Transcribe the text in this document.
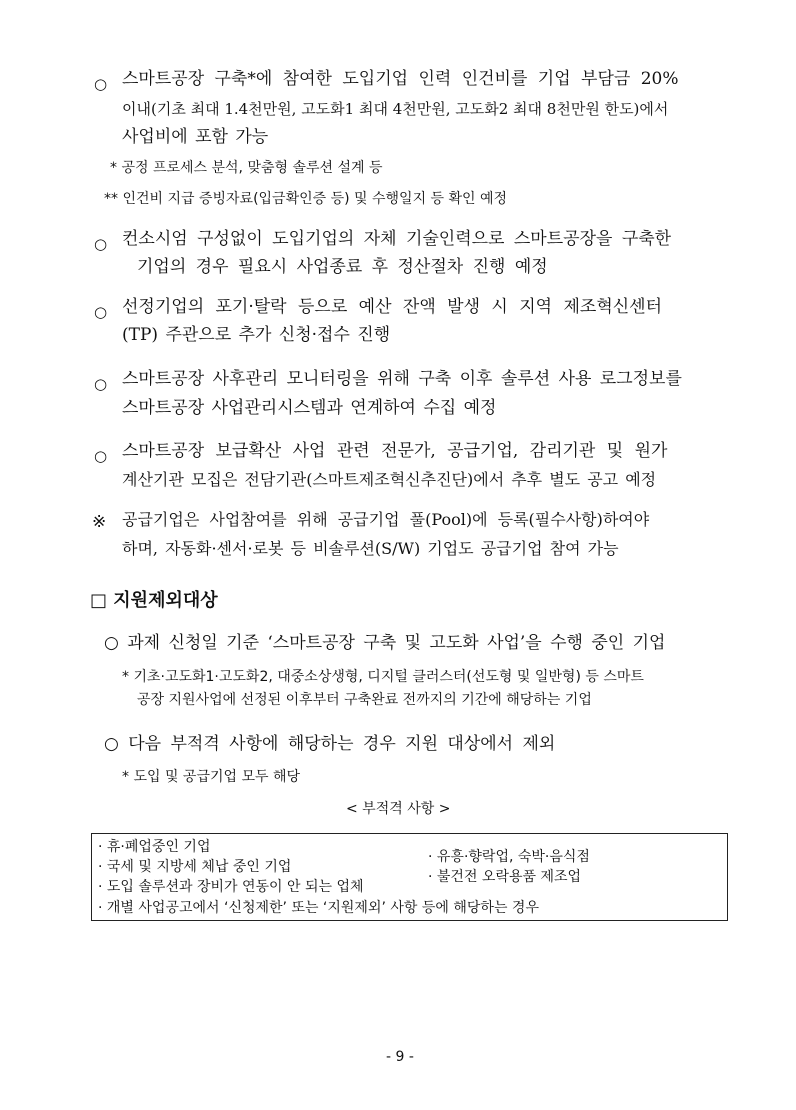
○ 스마트공장 구축*에 참여한 도입기업 인력 인건비를 기업 부담금 20%
이내(기초 최대 1.4천만원, 고도화1 최대 4천만원, 고도화2 최대 8천만원 한도)에서
사업비에 포함 가능
* 공정 프로세스 분석, 맞춤형 솔루션 설계 등
** 인건비 지급 증빙자료(입금확인증 등) 및 수행일지 등 확인 예정
○ 컨소시엄 구성없이 도입기업의 자체 기술인력으로 스마트공장을 구축한
기업의 경우 필요시 사업종료 후 정산절차 진행 예정
○ 선정기업의 포기·탈락 등으로 예산 잔액 발생 시 지역 제조혁신센터
(TP) 주관으로 추가 신청·접수 진행
○ 스마트공장 사후관리 모니터링을 위해 구축 이후 솔루션 사용 로그정보를
스마트공장 사업관리시스템과 연계하여 수집 예정
○ 스마트공장 보급확산 사업 관련 전문가, 공급기업, 감리기관 및 원가
계산기관 모집은 전담기관(스마트제조혁신추진단)에서 추후 별도 공고 예정
※ 공급기업은 사업참여를 위해 공급기업 풀(Pool)에 등록(필수사항)하여야
하며, 자동화·센서·로봇 등 비솔루션(S/W) 기업도 공급기업 참여 가능
□ 지원제외대상
○ 과제 신청일 기준 ‘스마트공장 구축 및 고도화 사업’을 수행 중인 기업
* 기초·고도화1·고도화2, 대중소상생형, 디지털 클러스터(선도형 및 일반형) 등 스마트
공장 지원사업에 선정된 이후부터 구축완료 전까지의 기간에 해당하는 기업
○ 다음 부적격 사항에 해당하는 경우 지원 대상에서 제외
* 도입 및 공급기업 모두 해당
< 부적격 사항 >
· 휴·폐업중인 기업
· 국세 및 지방세 체납 중인 기업
· 도입 솔루션과 장비가 연동이 안 되는 업체
· 개별 사업공고에서 ‘신청제한’ 또는 ‘지원제외’ 사항 등에 해당하는 경우
· 유흥·향락업, 숙박·음식점
· 불건전 오락용품 제조업
- 9 -
